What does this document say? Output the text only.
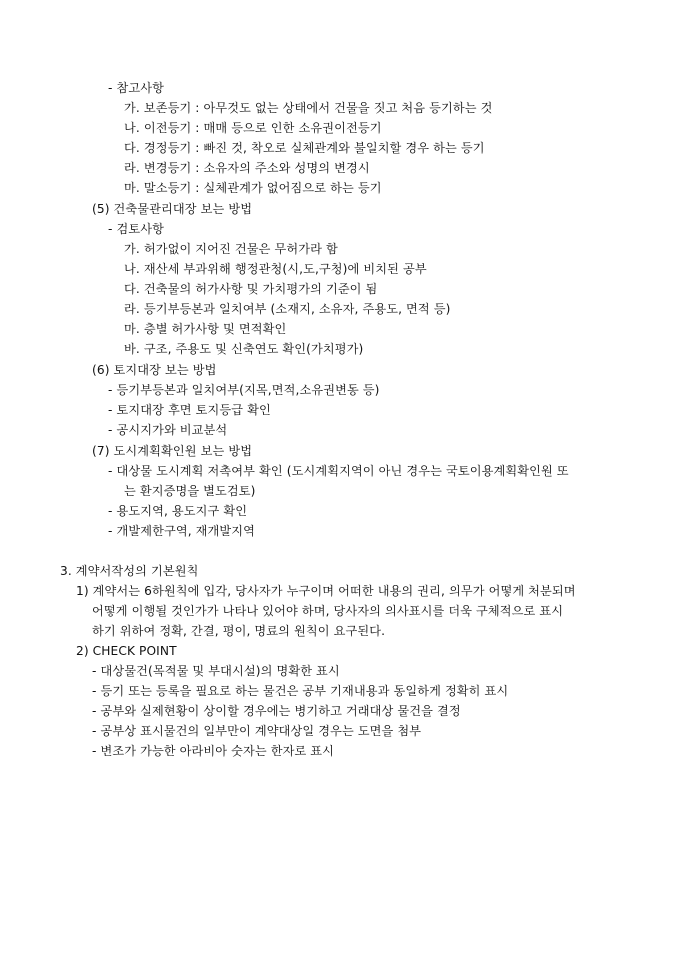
- 참고사항
가. 보존등기 : 아무것도 없는 상태에서 건물을 짓고 처음 등기하는 것
나. 이전등기 : 매매 등으로 인한 소유권이전등기
다. 경정등기 : 빠진 것, 착오로 실체관계와 불일치할 경우 하는 등기
라. 변경등기 : 소유자의 주소와 성명의 변경시
마. 말소등기 : 실체관계가 없어짐으로 하는 등기
(5) 건축물관리대장 보는 방법
- 검토사항
가. 허가없이 지어진 건물은 무허가라 함
나. 재산세 부과위해 행정관청(시,도,구청)에 비치된 공부
다. 건축물의 허가사항 및 가치평가의 기준이 됨
라. 등기부등본과 일치여부 (소재지, 소유자, 주용도, 면적 등)
마. 층별 허가사항 및 면적확인
바. 구조, 주용도 및 신축연도 확인(가치평가)
(6) 토지대장 보는 방법
- 등기부등본과 일치여부(지목,면적,소유권변동 등)
- 토지대장 후면 토지등급 확인
- 공시지가와 비교분석
(7) 도시계획확인원 보는 방법
- 대상물 도시계획 저촉여부 확인 (도시계획지역이 아닌 경우는 국토이용계획확인원 또
는 환지증명을 별도검토)
- 용도지역, 용도지구 확인
- 개발제한구역, 재개발지역
3. 계약서작성의 기본원칙
1) 계약서는 6하원칙에 입각, 당사자가 누구이며 어떠한 내용의 권리, 의무가 어떻게 처분되며
어떻게 이행될 것인가가 나타나 있어야 하며, 당사자의 의사표시를 더욱 구체적으로 표시
하기 위하여 정확, 간결, 평이, 명료의 원칙이 요구된다.
2) CHECK POINT
- 대상물건(목적물 및 부대시설)의 명확한 표시
- 등기 또는 등록을 필요로 하는 물건은 공부 기재내용과 동일하게 정확히 표시
- 공부와 실제현황이 상이할 경우에는 병기하고 거래대상 물건을 결정
- 공부상 표시물건의 일부만이 계약대상일 경우는 도면을 첨부
- 변조가 가능한 아라비아 숫자는 한자로 표시
